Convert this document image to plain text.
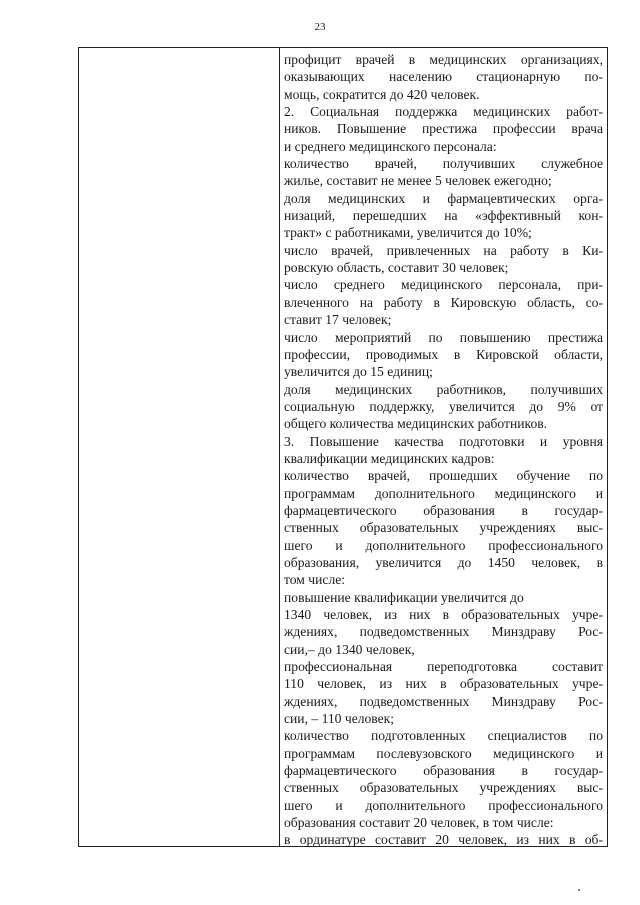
23
профицит врачей в медицинских организациях,
оказывающих населению стационарную по-
мощь, сократится до 420 человек.
2. Социальная поддержка медицинских работ-
ников. Повышение престижа профессии врача
и среднего медицинского персонала:
количество врачей, получивших служебное
жилье, составит не менее 5 человек ежегодно;
доля медицинских и фармацевтических орга-
низаций, перешедших на «эффективный кон-
тракт» с работниками, увеличится до 10%;
число врачей, привлеченных на работу в Ки-
ровскую область, составит 30 человек;
число среднего медицинского персонала, при-
влеченного на работу в Кировскую область, со-
ставит 17 человек;
число мероприятий по повышению престижа
профессии, проводимых в Кировской области,
увеличится до 15 единиц;
доля медицинских работников, получивших
социальную поддержку, увеличится до 9% от
общего количества медицинских работников.
3. Повышение качества подготовки и уровня
квалификации медицинских кадров:
количество врачей, прошедших обучение по
программам дополнительного медицинского и
фармацевтического образования в государ-
ственных образовательных учреждениях выс-
шего и дополнительного профессионального
образования, увеличится до 1450 человек, в
том числе:
повышение квалификации увеличится до
1340 человек, из них в образовательных учре-
ждениях, подведомственных Минздраву Рос-
сии,– до 1340 человек,
профессиональная переподготовка составит
110 человек, из них в образовательных учре-
ждениях, подведомственных Минздраву Рос-
сии, – 110 человек;
количество подготовленных специалистов по
программам послевузовского медицинского и
фармацевтического образования в государ-
ственных образовательных учреждениях выс-
шего и дополнительного профессионального
образования составит 20 человек, в том числе:
в ординатуре составит 20 человек, из них в об-
